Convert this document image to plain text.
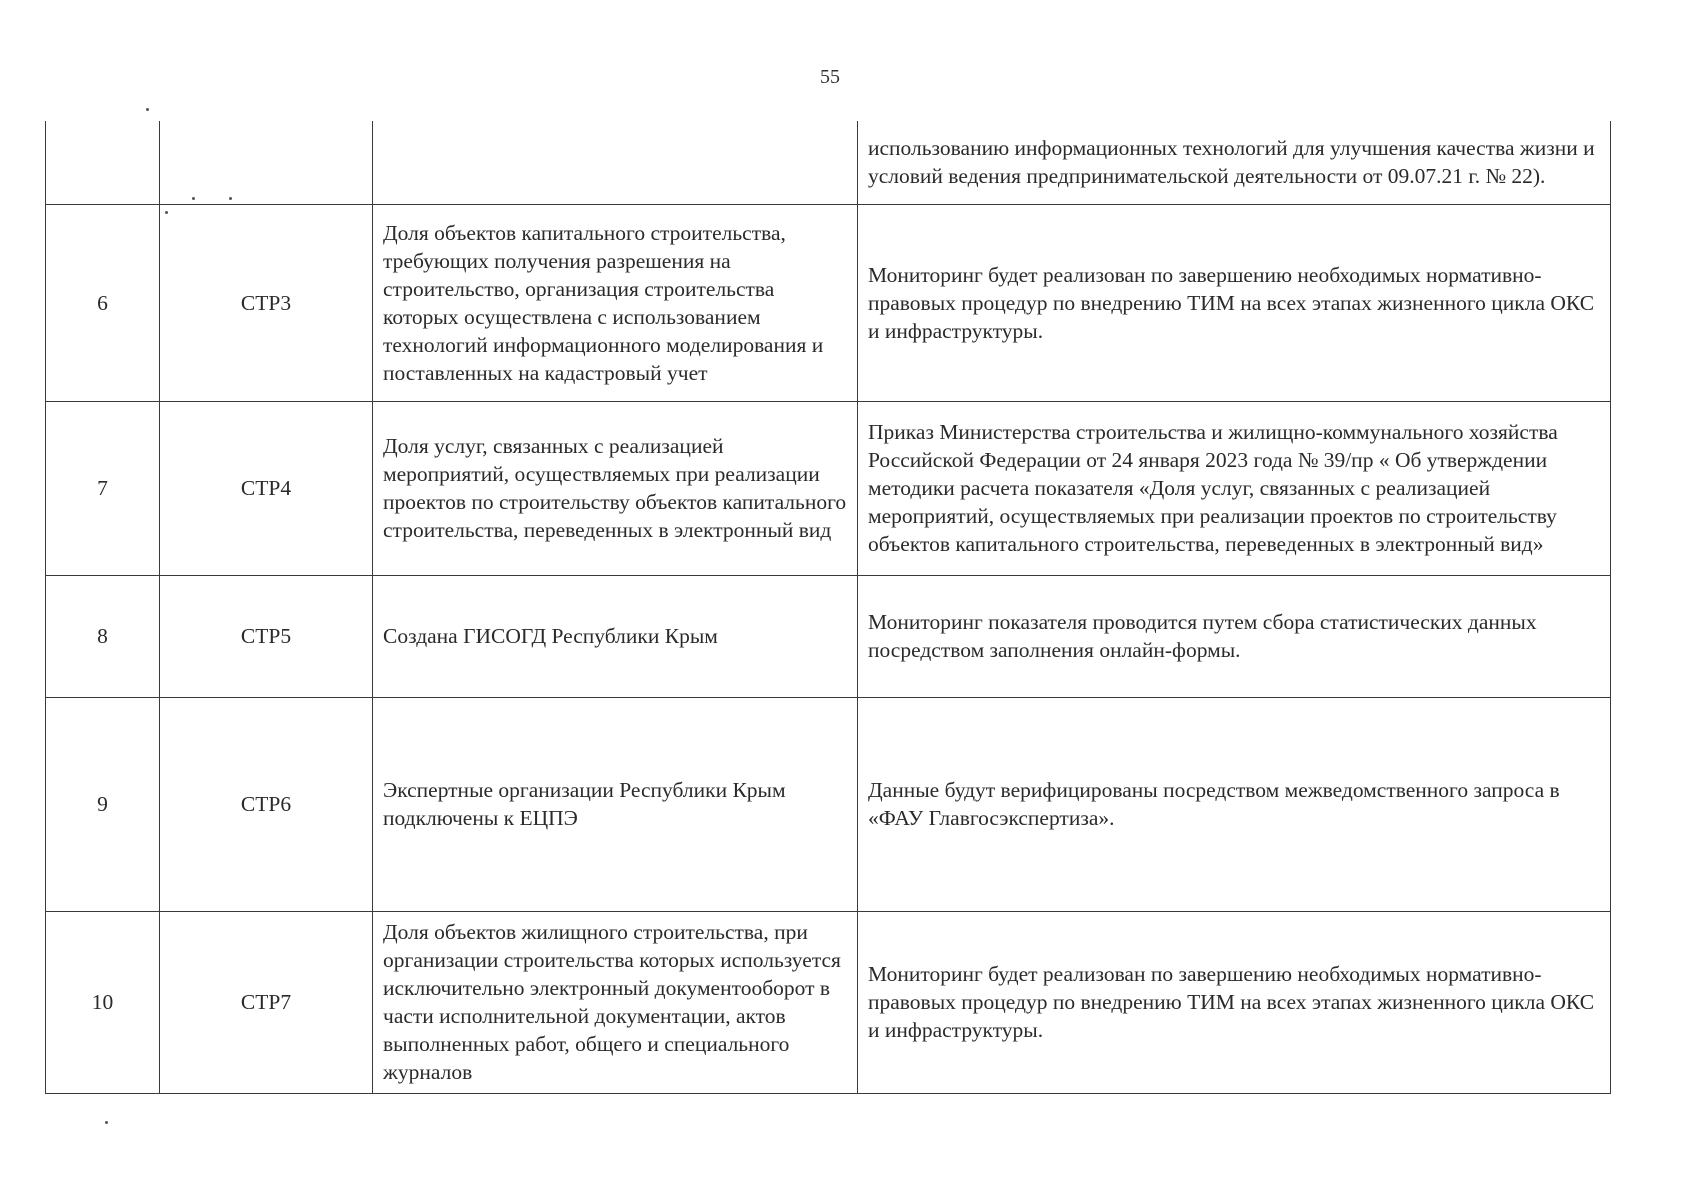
55
			использованию информационных технологий для улучшения качества жизни и условий ведения предпринимательской деятельности от 09.07.21 г. № 22).
6	СТР3	Доля объектов капитального строительства, требующих получения разрешения на строительство, организация строительства которых осуществлена с использованием технологий информационного моделирования и поставленных на кадастровый учет	Мониторинг будет реализован по завершению необходимых нормативно-правовых процедур по внедрению ТИМ на всех этапах жизненного цикла ОКС и инфраструктуры.
7	СТР4	Доля услуг, связанных с реализацией мероприятий, осуществляемых при реализации проектов по строительству объектов капитального строительства, переведенных в электронный вид	Приказ Министерства строительства и жилищно-коммунального хозяйства Российской Федерации от 24 января 2023 года № 39/пр « Об утверждении методики расчета показателя «Доля услуг, связанных с реализацией мероприятий, осуществляемых при реализации проектов по строительству объектов капитального строительства, переведенных в электронный вид»
8	СТР5	Создана ГИСОГД Республики Крым	Мониторинг показателя проводится путем сбора статистических данных посредством заполнения онлайн-формы.
9	СТР6	Экспертные организации Республики Крым подключены к ЕЦПЭ	Данные будут верифицированы посредством межведомственного запроса в «ФАУ Главгосэкспертиза».
10	СТР7	Доля объектов жилищного строительства, при организации строительства которых используется исключительно электронный документооборот в части исполнительной документации, актов выполненных работ, общего и специального журналов	Мониторинг будет реализован по завершению необходимых нормативно-правовых процедур по внедрению ТИМ на всех этапах жизненного цикла ОКС и инфраструктуры.
